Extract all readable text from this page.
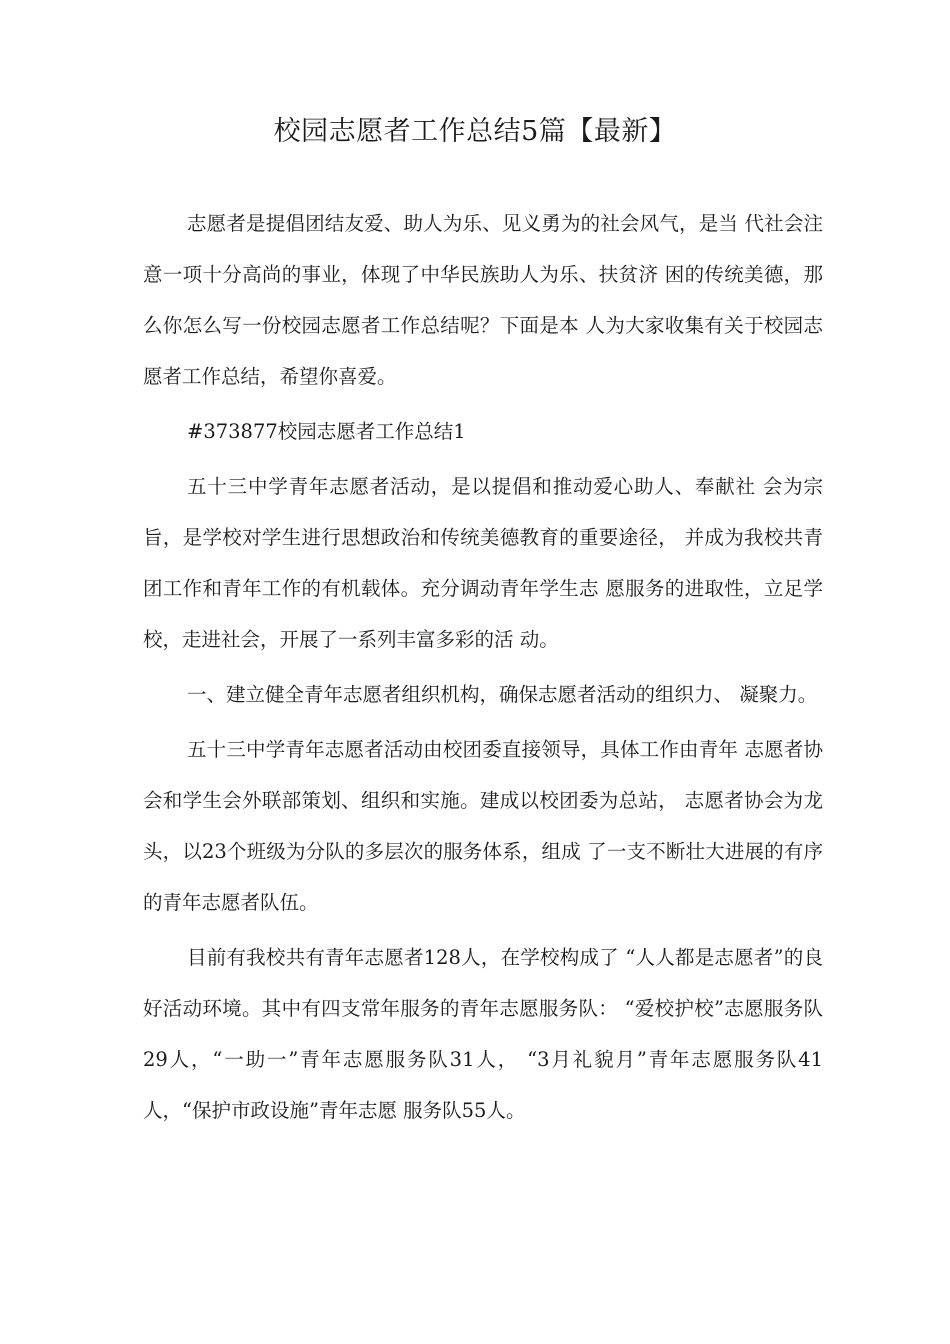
校园志愿者工作总结5篇【最新】

志愿者是提倡团结友爱、助人为乐、见义勇为的社会风气，是当 代社会注意一项十分高尚的事业，体现了中华民族助人为乐、扶贫济 困的传统美德，那么你怎么写一份校园志愿者工作总结呢？下面是本 人为大家收集有关于校园志愿者工作总结，希望你喜爱。

#373877校园志愿者工作总结1

五十三中学青年志愿者活动，是以提倡和推动爱心助人、奉献社 会为宗旨，是学校对学生进行思想政治和传统美德教育的重要途径， 并成为我校共青团工作和青年工作的有机载体。充分调动青年学生志 愿服务的进取性，立足学校，走进社会，开展了一系列丰富多彩的活 动。

一、建立健全青年志愿者组织机构，确保志愿者活动的组织力、 凝聚力。

五十三中学青年志愿者活动由校团委直接领导，具体工作由青年 志愿者协会和学生会外联部策划、组织和实施。建成以校团委为总站， 志愿者协会为龙头，以23个班级为分队的多层次的服务体系，组成 了一支不断壮大进展的有序的青年志愿者队伍。

目前有我校共有青年志愿者128人，在学校构成了 “人人都是志愿者”的良好活动环境。其中有四支常年服务的青年志愿服务队： “爱校护校”志愿服务队29人，“一助一”青年志愿服务队31人， “3月礼貌月”青年志愿服务队41人，“保护市政设施”青年志愿 服务队55人。
